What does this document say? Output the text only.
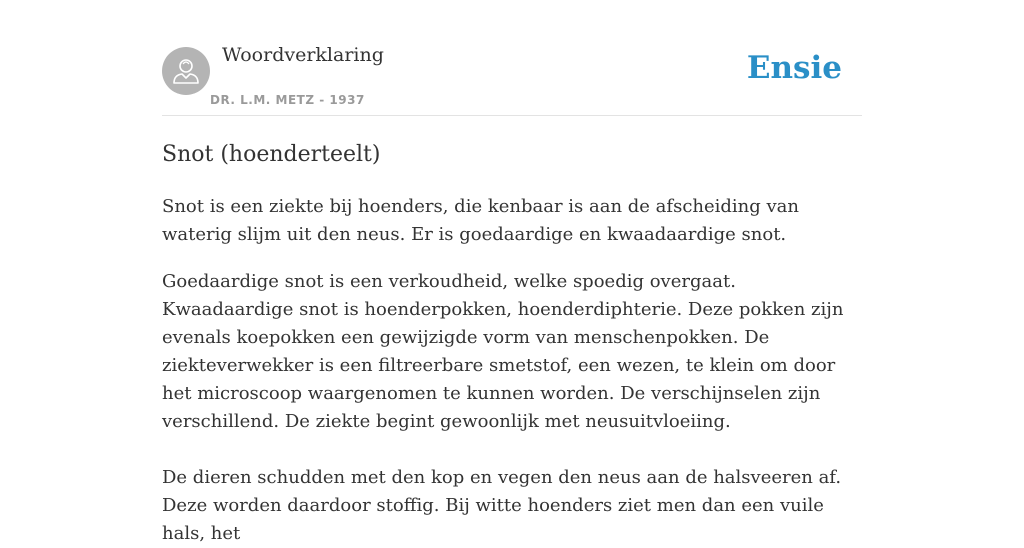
Woordverklaring
DR. L.M. METZ - 1937
Ensie
Snot (hoenderteelt)

Snot is een ziekte bij hoenders, die kenbaar is aan de afscheiding van waterig slijm uit den neus. Er is goedaardige en kwaadaardige snot.

Goedaardige snot is een verkoudheid, welke spoedig overgaat. Kwaadaardige snot is hoenderpokken, hoenderdiphterie. Deze pokken zijn evenals koepokken een gewijzigde vorm van menschenpokken. De ziekteverwekker is een filtreerbare smetstof, een wezen, te klein om door het microscoop waargenomen te kunnen worden. De verschijnselen zijn verschillend. De ziekte begint gewoonlijk met neusuitvloeiing.

De dieren schudden met den kop en vegen den neus aan de halsveeren af. Deze worden daardoor stoffig. Bij witte hoenders ziet men dan een vuile hals, het
